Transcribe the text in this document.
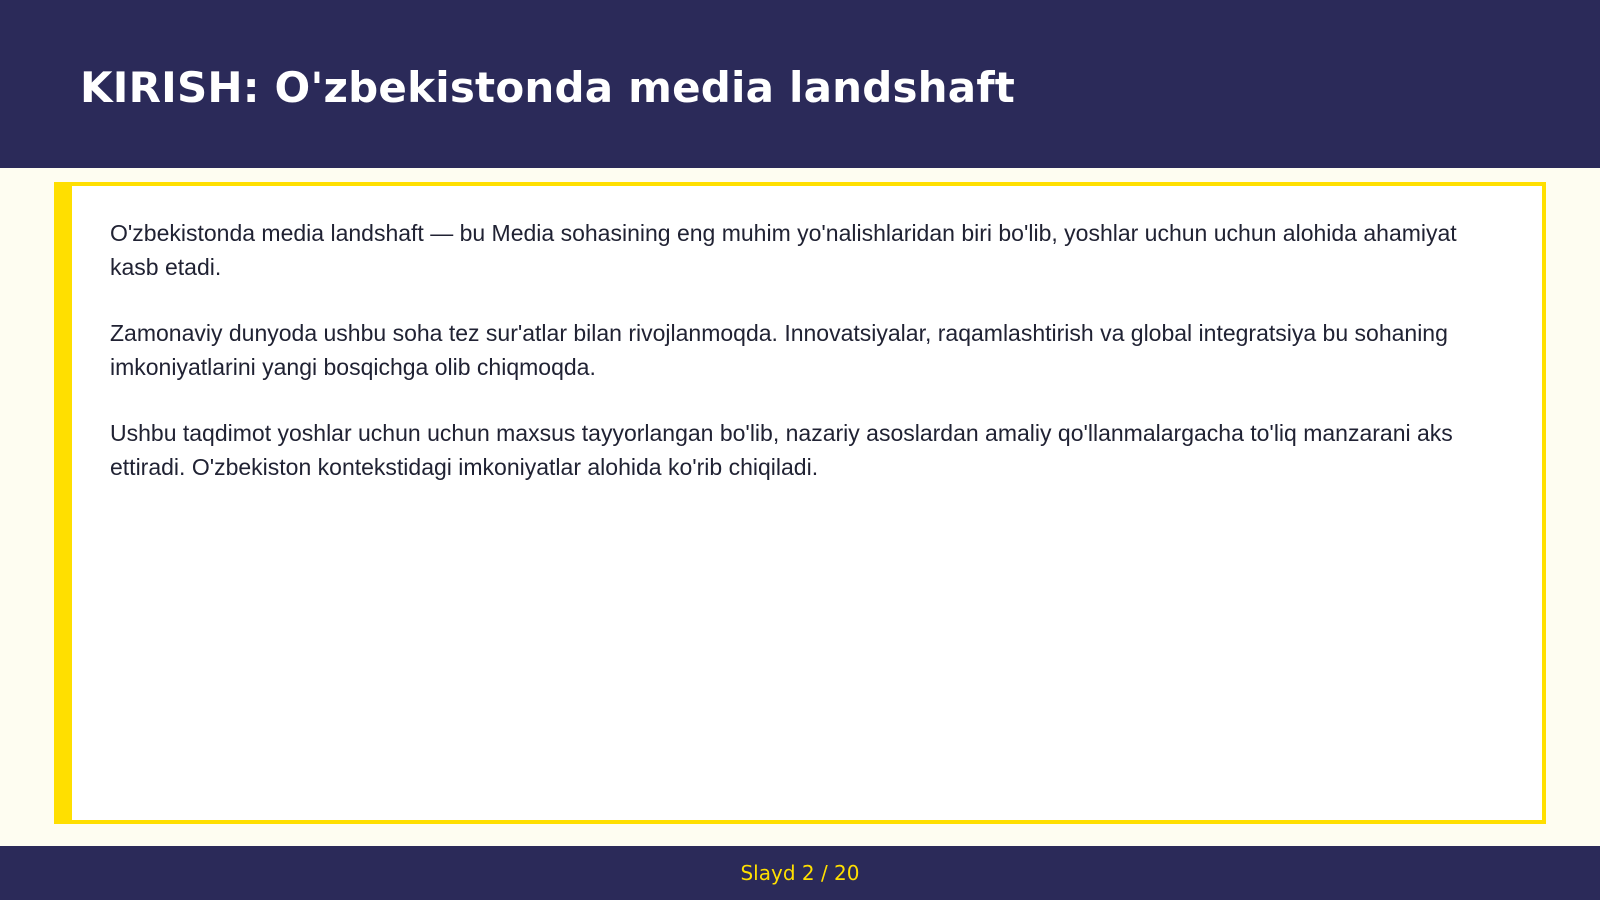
KIRISH: O'zbekistonda media landshaft

O'zbekistonda media landshaft — bu Media sohasining eng muhim yo'nalishlaridan biri bo'lib, yoshlar uchun uchun alohida ahamiyat kasb etadi.

Zamonaviy dunyoda ushbu soha tez sur'atlar bilan rivojlanmoqda. Innovatsiyalar, raqamlashtirish va global integratsiya bu sohaning imkoniyatlarini yangi bosqichga olib chiqmoqda.

Ushbu taqdimot yoshlar uchun uchun maxsus tayyorlangan bo'lib, nazariy asoslardan amaliy qo'llanmalargacha to'liq manzarani aks ettiradi. O'zbekiston kontekstidagi imkoniyatlar alohida ko'rib chiqiladi.

Slayd 2 / 20
